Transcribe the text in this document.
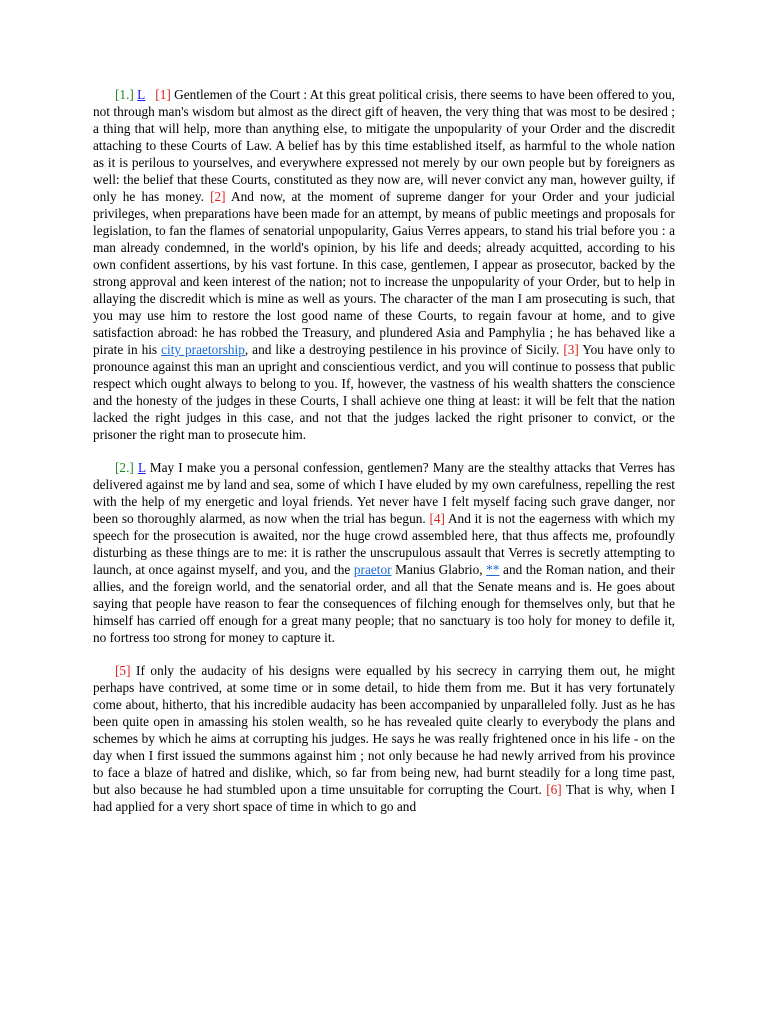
[1.] L [1] Gentlemen of the Court : At this great political crisis, there seems to have been offered to you, not through man's wisdom but almost as the direct gift of heaven, the very thing that was most to be desired ; a thing that will help, more than anything else, to mitigate the unpopularity of your Order and the discredit attaching to these Courts of Law. A belief has by this time established itself, as harmful to the whole nation as it is perilous to yourselves, and everywhere expressed not merely by our own people but by foreigners as well: the belief that these Courts, constituted as they now are, will never convict any man, however guilty, if only he has money. [2] And now, at the moment of supreme danger for your Order and your judicial privileges, when preparations have been made for an attempt, by means of public meetings and proposals for legislation, to fan the flames of senatorial unpopularity, Gaius Verres appears, to stand his trial before you : a man already condemned, in the world's opinion, by his life and deeds; already acquitted, according to his own confident assertions, by his vast fortune. In this case, gentlemen, I appear as prosecutor, backed by the strong approval and keen interest of the nation; not to increase the unpopularity of your Order, but to help in allaying the discredit which is mine as well as yours. The character of the man I am prosecuting is such, that you may use him to restore the lost good name of these Courts, to regain favour at home, and to give satisfaction abroad: he has robbed the Treasury, and plundered Asia and Pamphylia ; he has behaved like a pirate in his city praetorship, and like a destroying pestilence in his province of Sicily. [3] You have only to pronounce against this man an upright and conscientious verdict, and you will continue to possess that public respect which ought always to belong to you. If, however, the vastness of his wealth shatters the conscience and the honesty of the judges in these Courts, I shall achieve one thing at least: it will be felt that the nation lacked the right judges in this case, and not that the judges lacked the right prisoner to convict, or the prisoner the right man to prosecute him.

[2.] L May I make you a personal confession, gentlemen? Many are the stealthy attacks that Verres has delivered against me by land and sea, some of which I have eluded by my own carefulness, repelling the rest with the help of my energetic and loyal friends. Yet never have I felt myself facing such grave danger, nor been so thoroughly alarmed, as now when the trial has begun. [4] And it is not the eagerness with which my speech for the prosecution is awaited, nor the huge crowd assembled here, that thus affects me, profoundly disturbing as these things are to me: it is rather the unscrupulous assault that Verres is secretly attempting to launch, at once against myself, and you, and the praetor Manius Glabrio, ** and the Roman nation, and their allies, and the foreign world, and the senatorial order, and all that the Senate means and is. He goes about saying that people have reason to fear the consequences of filching enough for themselves only, but that he himself has carried off enough for a great many people; that no sanctuary is too holy for money to defile it, no fortress too strong for money to capture it.

[5] If only the audacity of his designs were equalled by his secrecy in carrying them out, he might perhaps have contrived, at some time or in some detail, to hide them from me. But it has very fortunately come about, hitherto, that his incredible audacity has been accompanied by unparalleled folly. Just as he has been quite open in amassing his stolen wealth, so he has revealed quite clearly to everybody the plans and schemes by which he aims at corrupting his judges. He says he was really frightened once in his life - on the day when I first issued the summons against him ; not only because he had newly arrived from his province to face a blaze of hatred and dislike, which, so far from being new, had burnt steadily for a long time past, but also because he had stumbled upon a time unsuitable for corrupting the Court. [6] That is why, when I had applied for a very short space of time in which to go and
